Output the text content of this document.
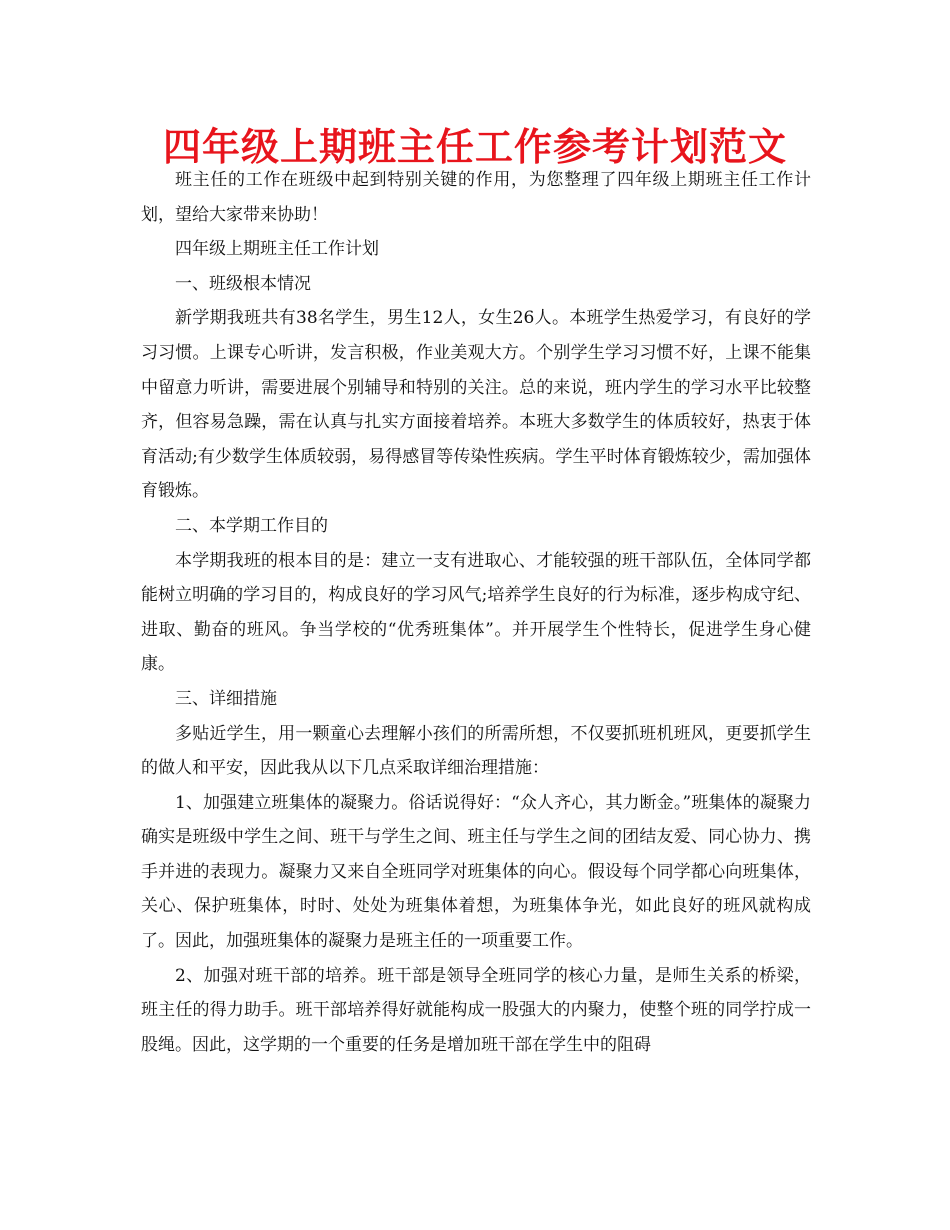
四年级上期班主任工作参考计划范文

班主任的工作在班级中起到特别关键的作用，为您整理了四年级上期班主任工作计划，望给大家带来协助！

四年级上期班主任工作计划

一、班级根本情况

新学期我班共有38名学生，男生12人，女生26人。本班学生热爱学习，有良好的学习习惯。上课专心听讲，发言积极，作业美观大方。个别学生学习习惯不好，上课不能集中留意力听讲，需要进展个别辅导和特别的关注。总的来说，班内学生的学习水平比较整齐，但容易急躁，需在认真与扎实方面接着培养。本班大多数学生的体质较好，热衷于体育活动;有少数学生体质较弱，易得感冒等传染性疾病。学生平时体育锻炼较少，需加强体育锻炼。

二、本学期工作目的

本学期我班的根本目的是：建立一支有进取心、才能较强的班干部队伍，全体同学都能树立明确的学习目的，构成良好的学习风气;培养学生良好的行为标准，逐步构成守纪、进取、勤奋的班风。争当学校的“优秀班集体”。并开展学生个性特长，促进学生身心健康。

三、详细措施

多贴近学生，用一颗童心去理解小孩们的所需所想，不仅要抓班机班风，更要抓学生的做人和平安，因此我从以下几点采取详细治理措施：

1、加强建立班集体的凝聚力。俗话说得好：“众人齐心，其力断金。”班集体的凝聚力确实是班级中学生之间、班干与学生之间、班主任与学生之间的团结友爱、同心协力、携手并进的表现力。凝聚力又来自全班同学对班集体的向心。假设每个同学都心向班集体，关心、保护班集体，时时、处处为班集体着想，为班集体争光，如此良好的班风就构成了。因此，加强班集体的凝聚力是班主任的一项重要工作。

2、加强对班干部的培养。班干部是领导全班同学的核心力量，是师生关系的桥梁，班主任的得力助手。班干部培养得好就能构成一股强大的内聚力，使整个班的同学拧成一股绳。因此，这学期的一个重要的任务是增加班干部在学生中的阻碍
